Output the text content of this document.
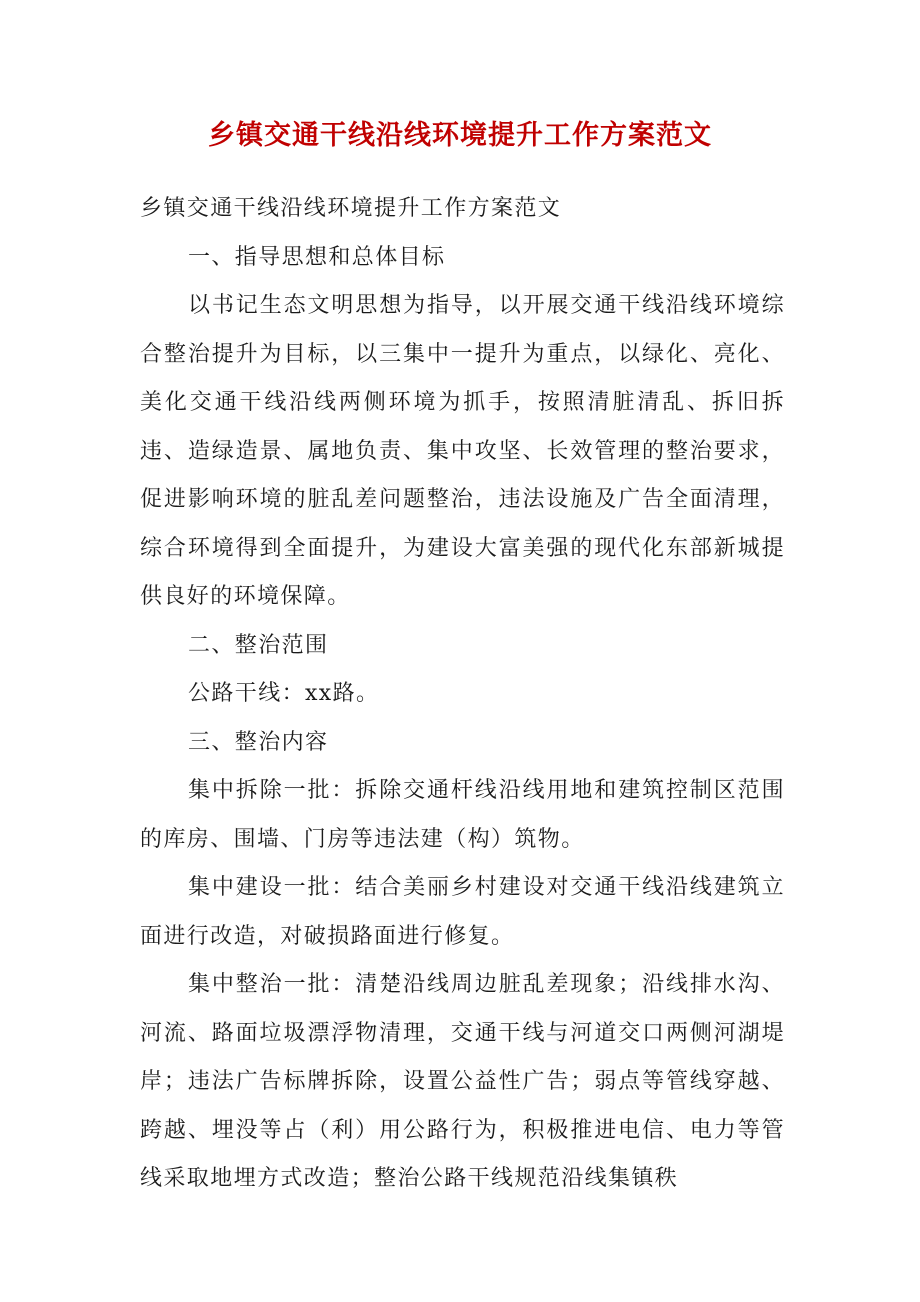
乡镇交通干线沿线环境提升工作方案范文

乡镇交通干线沿线环境提升工作方案范文

一、指导思想和总体目标

以书记生态文明思想为指导，以开展交通干线沿线环境综合整治提升为目标，以三集中一提升为重点，以绿化、亮化、美化交通干线沿线两侧环境为抓手，按照清脏清乱、拆旧拆违、造绿造景、属地负责、集中攻坚、长效管理的整治要求，促进影响环境的脏乱差问题整治，违法设施及广告全面清理，综合环境得到全面提升，为建设大富美强的现代化东部新城提供良好的环境保障。

二、整治范围

公路干线：xx路。

三、整治内容

集中拆除一批：拆除交通杆线沿线用地和建筑控制区范围的库房、围墙、门房等违法建（构）筑物。

集中建设一批：结合美丽乡村建设对交通干线沿线建筑立面进行改造，对破损路面进行修复。

集中整治一批：清楚沿线周边脏乱差现象；沿线排水沟、河流、路面垃圾漂浮物清理，交通干线与河道交口两侧河湖堤岸；违法广告标牌拆除，设置公益性广告；弱点等管线穿越、跨越、埋没等占（利）用公路行为，积极推进电信、电力等管线采取地埋方式改造；整治公路干线规范沿线集镇秩
